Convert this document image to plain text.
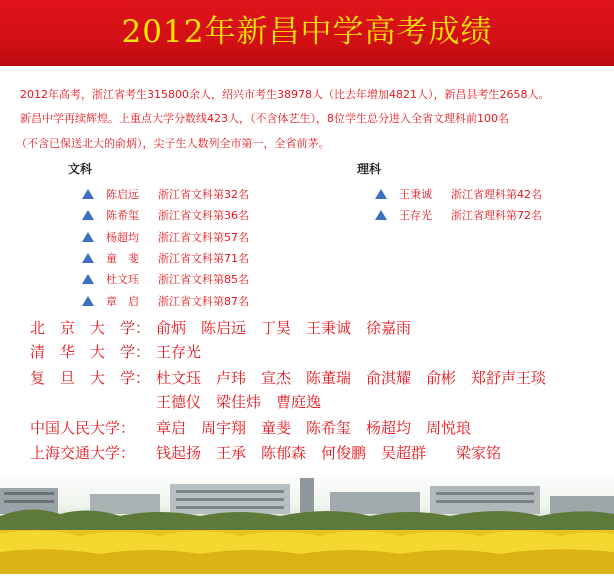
2012年新昌中学高考成绩
2012年高考，浙江省考生315800余人，绍兴市考生38978人（比去年增加4821人），新昌县考生2658人。
新昌中学再续辉煌。上重点大学分数线423人，（不含体艺生），8位学生总分进入全省文理科前100名
（不含已保送北大的俞炳），尖子生人数列全市第一，全省前茅。
文科	理科
陈启远 浙江省文科第32名
陈希玺 浙江省文科第36名
杨超均 浙江省文科第57名
童　斐 浙江省文科第71名
杜文珏 浙江省文科第85名
章　启 浙江省文科第87名
王秉诚 浙江省理科第42名
王存光 浙江省理科第72名
北　京　大　学： 俞炳　陈启远　丁昊　王秉诚　徐嘉雨
清　华　大　学： 王存光
复　旦　大　学： 杜文珏　卢玮　宣杰　陈董瑞　俞淇耀　俞彬　郑舒声王琰
王德仪　梁佳炜　曹庭逸
中国人民大学： 章启　周宇翔　童斐　陈希玺　杨超均　周悦琅
上海交通大学： 钱起扬　王承　陈郁森　何俊鹏　吴超群　　梁家铭
